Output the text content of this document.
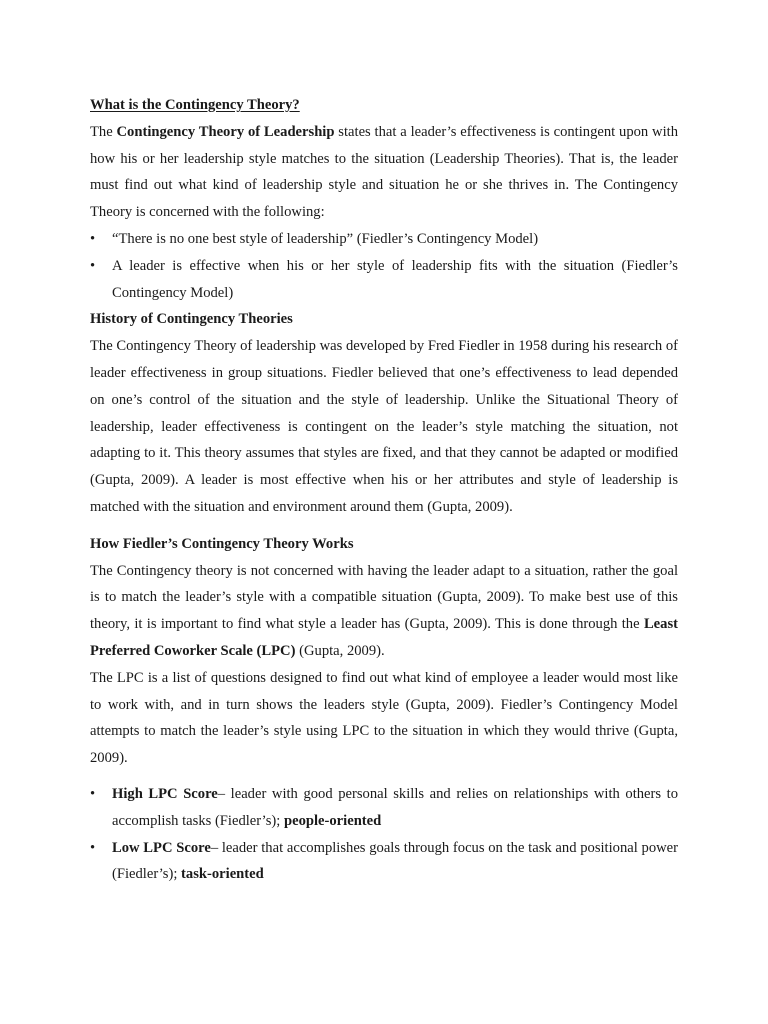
What is the Contingency Theory?

The Contingency Theory of Leadership states that a leader’s effectiveness is contingent upon with how his or her leadership style matches to the situation (Leadership Theories). That is, the leader must find out what kind of leadership style and situation he or she thrives in. The Contingency Theory is concerned with the following:

• “There is no one best style of leadership” (Fiedler’s Contingency Model)
• A leader is effective when his or her style of leadership fits with the situation (Fiedler’s Contingency Model)

History of Contingency Theories

The Contingency Theory of leadership was developed by Fred Fiedler in 1958 during his research of leader effectiveness in group situations. Fiedler believed that one’s effectiveness to lead depended on one’s control of the situation and the style of leadership. Unlike the Situational Theory of leadership, leader effectiveness is contingent on the leader’s style matching the situation, not adapting to it. This theory assumes that styles are fixed, and that they cannot be adapted or modified (Gupta, 2009). A leader is most effective when his or her attributes and style of leadership is matched with the situation and environment around them (Gupta, 2009).

How Fiedler’s Contingency Theory Works

The Contingency theory is not concerned with having the leader adapt to a situation, rather the goal is to match the leader’s style with a compatible situation (Gupta, 2009). To make best use of this theory, it is important to find what style a leader has (Gupta, 2009). This is done through the Least Preferred Coworker Scale (LPC) (Gupta, 2009).

The LPC is a list of questions designed to find out what kind of employee a leader would most like to work with, and in turn shows the leaders style (Gupta, 2009). Fiedler’s Contingency Model attempts to match the leader’s style using LPC to the situation in which they would thrive (Gupta, 2009).

• High LPC Score– leader with good personal skills and relies on relationships with others to accomplish tasks (Fiedler’s); people-oriented
• Low LPC Score– leader that accomplishes goals through focus on the task and positional power (Fiedler’s); task-oriented
